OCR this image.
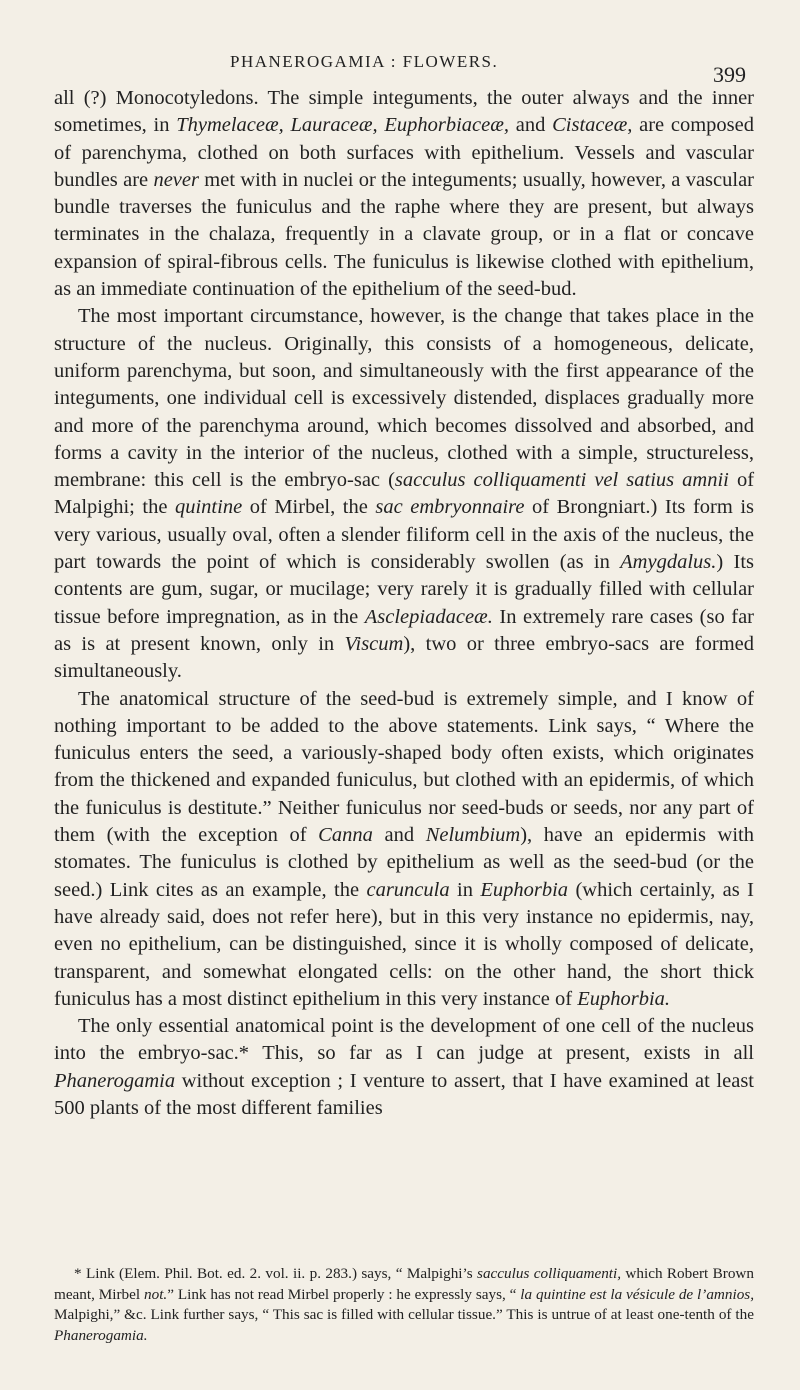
PHANEROGAMIA : FLOWERS.
399

all (?) Monocotyledons. The simple integuments, the outer always and the inner sometimes, in Thymelaceæ, Lauraceæ, Euphorbiaceæ, and Cistaceæ, are composed of parenchyma, clothed on both surfaces with epithelium. Vessels and vascular bundles are never met with in nuclei or the integuments; usually, however, a vascular bundle traverses the funiculus and the raphe where they are present, but always terminates in the chalaza, frequently in a clavate group, or in a flat or concave expansion of spiral-fibrous cells. The funiculus is likewise clothed with epithelium, as an immediate continuation of the epithelium of the seed-bud.

The most important circumstance, however, is the change that takes place in the structure of the nucleus. Originally, this consists of a homogeneous, delicate, uniform parenchyma, but soon, and simultaneously with the first appearance of the integuments, one individual cell is excessively distended, displaces gradually more and more of the parenchyma around, which becomes dissolved and absorbed, and forms a cavity in the interior of the nucleus, clothed with a simple, structureless, membrane: this cell is the embryo-sac (sacculus colliquamenti vel satius amnii of Malpighi; the quintine of Mirbel, the sac embryonnaire of Brongniart.) Its form is very various, usually oval, often a slender filiform cell in the axis of the nucleus, the part towards the point of which is considerably swollen (as in Amygdalus.) Its contents are gum, sugar, or mucilage; very rarely it is gradually filled with cellular tissue before impregnation, as in the Asclepiadaceæ. In extremely rare cases (so far as is at present known, only in Viscum), two or three embryo-sacs are formed simultaneously.

The anatomical structure of the seed-bud is extremely simple, and I know of nothing important to be added to the above statements. Link says, “ Where the funiculus enters the seed, a variously-shaped body often exists, which originates from the thickened and expanded funiculus, but clothed with an epidermis, of which the funiculus is destitute.” Neither funiculus nor seed-buds or seeds, nor any part of them (with the exception of Canna and Nelumbium), have an epidermis with stomates. The funiculus is clothed by epithelium as well as the seed-bud (or the seed.) Link cites as an example, the caruncula in Euphorbia (which certainly, as I have already said, does not refer here), but in this very instance no epidermis, nay, even no epithelium, can be distinguished, since it is wholly composed of delicate, transparent, and somewhat elongated cells: on the other hand, the short thick funiculus has a most distinct epithelium in this very instance of Euphorbia.

The only essential anatomical point is the development of one cell of the nucleus into the embryo-sac.* This, so far as I can judge at present, exists in all Phanerogamia without exception ; I venture to assert, that I have examined at least 500 plants of the most different families

* Link (Elem. Phil. Bot. ed. 2. vol. ii. p. 283.) says, “ Malpighi’s sacculus colliquamenti, which Robert Brown meant, Mirbel not.” Link has not read Mirbel properly : he expressly says, “ la quintine est la vésicule de l’amnios, Malpighi,” &c. Link further says, “ This sac is filled with cellular tissue.” This is untrue of at least one-tenth of the Phanerogamia.
